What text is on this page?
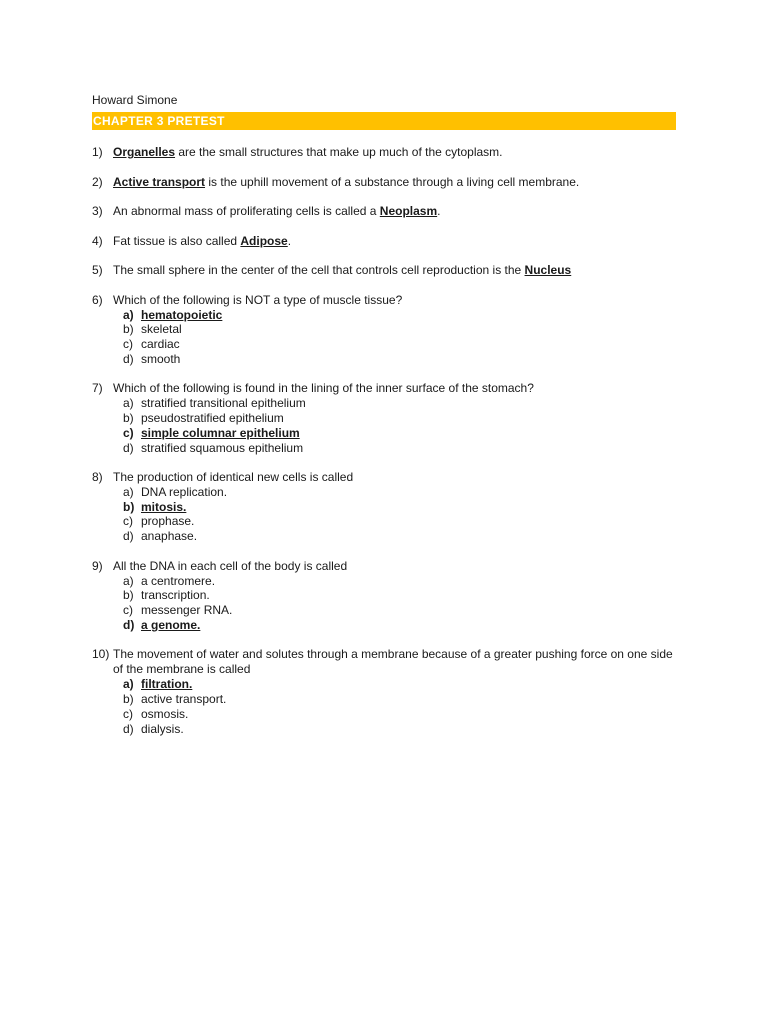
Howard Simone
CHAPTER 3 PRETEST
1) Organelles are the small structures that make up much of the cytoplasm.
2) Active transport is the uphill movement of a substance through a living cell membrane.
3) An abnormal mass of proliferating cells is called a Neoplasm.
4) Fat tissue is also called Adipose.
5) The small sphere in the center of the cell that controls cell reproduction is the Nucleus
6) Which of the following is NOT a type of muscle tissue?
a) hematopoietic
b) skeletal
c) cardiac
d) smooth
7) Which of the following is found in the lining of the inner surface of the stomach?
a) stratified transitional epithelium
b) pseudostratified epithelium
c) simple columnar epithelium
d) stratified squamous epithelium
8) The production of identical new cells is called
a) DNA replication.
b) mitosis.
c) prophase.
d) anaphase.
9) All the DNA in each cell of the body is called
a) a centromere.
b) transcription.
c) messenger RNA.
d) a genome.
10) The movement of water and solutes through a membrane because of a greater pushing force on one side of the membrane is called
a) filtration.
b) active transport.
c) osmosis.
d) dialysis.
